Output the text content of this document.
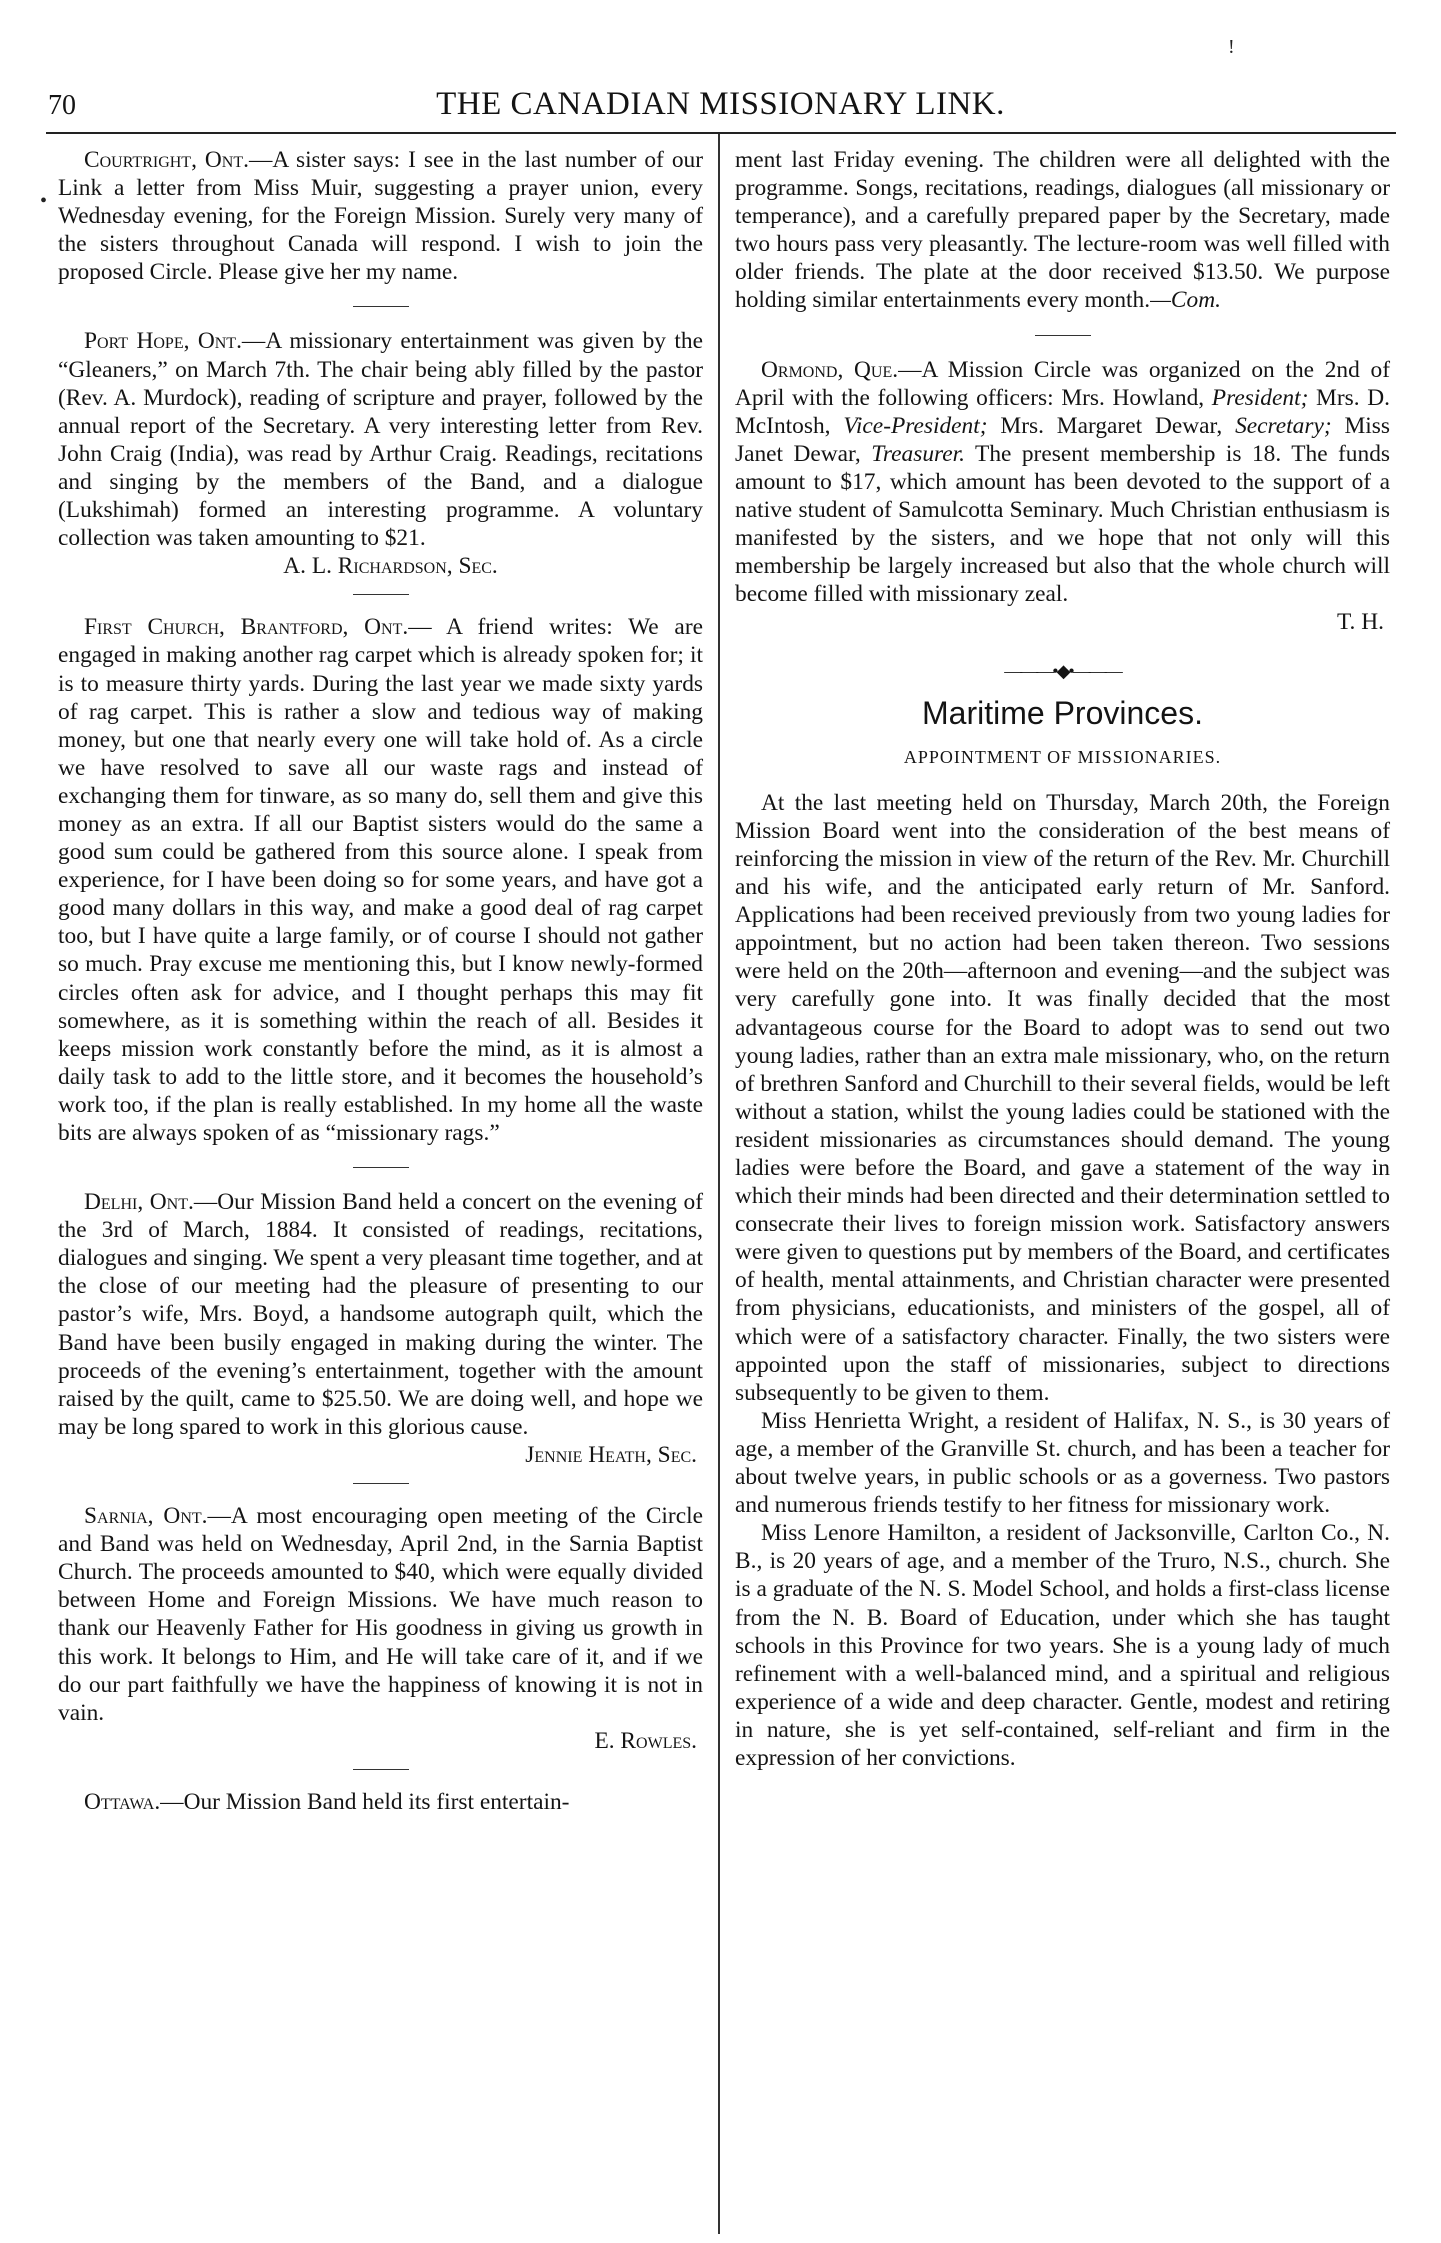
70	THE CANADIAN MISSIONARY LINK.
•
!

Courtright, Ont.—A sister says: I see in the last number of our Link a letter from Miss Muir, suggesting a prayer union, every Wednesday evening, for the Foreign Mission. Surely very many of the sisters throughout Canada will respond. I wish to join the proposed Circle. Please give her my name.

Port Hope, Ont.—A missionary entertainment was given by the “Gleaners,” on March 7th. The chair being ably filled by the pastor (Rev. A. Murdock), reading of scripture and prayer, followed by the annual report of the Secretary. A very interesting letter from Rev. John Craig (India), was read by Arthur Craig. Readings, recitations and singing by the members of the Band, and a dialogue (Lukshimah) formed an interesting programme. A voluntary collection was taken amounting to $21.

A. L. Richardson, Sec.

First Church, Brantford, Ont.— A friend writes: We are engaged in making another rag carpet which is already spoken for; it is to measure thirty yards. During the last year we made sixty yards of rag carpet. This is rather a slow and tedious way of making money, but one that nearly every one will take hold of. As a circle we have resolved to save all our waste rags and instead of exchanging them for tinware, as so many do, sell them and give this money as an extra. If all our Baptist sisters would do the same a good sum could be gathered from this source alone. I speak from experience, for I have been doing so for some years, and have got a good many dollars in this way, and make a good deal of rag carpet too, but I have quite a large family, or of course I should not gather so much. Pray excuse me mentioning this, but I know newly-formed circles often ask for advice, and I thought perhaps this may fit somewhere, as it is something within the reach of all. Besides it keeps mission work constantly before the mind, as it is almost a daily task to add to the little store, and it becomes the household’s work too, if the plan is really established. In my home all the waste bits are always spoken of as “missionary rags.”

Delhi, Ont.—Our Mission Band held a concert on the evening of the 3rd of March, 1884. It consisted of readings, recitations, dialogues and singing. We spent a very pleasant time together, and at the close of our meeting had the pleasure of presenting to our pastor’s wife, Mrs. Boyd, a handsome autograph quilt, which the Band have been busily engaged in making during the winter. The proceeds of the evening’s entertainment, together with the amount raised by the quilt, came to $25.50. We are doing well, and hope we may be long spared to work in this glorious cause.

Jennie Heath, Sec.

Sarnia, Ont.—A most encouraging open meeting of the Circle and Band was held on Wednesday, April 2nd, in the Sarnia Baptist Church. The proceeds amounted to $40, which were equally divided between Home and Foreign Missions. We have much reason to thank our Heavenly Father for His goodness in giving us growth in this work. It belongs to Him, and He will take care of it, and if we do our part faithfully we have the happiness of knowing it is not in vain.

E. Rowles.

Ottawa.—Our Mission Band held its first entertain-

ment last Friday evening. The children were all delighted with the programme. Songs, recitations, readings, dialogues (all missionary or temperance), and a carefully prepared paper by the Secretary, made two hours pass very pleasantly. The lecture-room was well filled with older friends. The plate at the door received $13.50. We purpose holding similar entertainments every month.—Com.

Ormond, Que.—A Mission Circle was organized on the 2nd of April with the following officers: Mrs. Howland, President; Mrs. D. McIntosh, Vice-President; Mrs. Margaret Dewar, Secretary; Miss Janet Dewar, Treasurer. The present membership is 18. The funds amount to $17, which amount has been devoted to the support of a native student of Samulcotta Seminary. Much Christian enthusiasm is manifested by the sisters, and we hope that not only will this membership be largely increased but also that the whole church will become filled with missionary zeal.

T. H.

———•◆•———
Maritime Provinces.
APPOINTMENT OF MISSIONARIES.

At the last meeting held on Thursday, March 20th, the Foreign Mission Board went into the consideration of the best means of reinforcing the mission in view of the return of the Rev. Mr. Churchill and his wife, and the anticipated early return of Mr. Sanford. Applications had been received previously from two young ladies for appointment, but no action had been taken thereon. Two sessions were held on the 20th—afternoon and evening—and the subject was very carefully gone into. It was finally decided that the most advantageous course for the Board to adopt was to send out two young ladies, rather than an extra male missionary, who, on the return of brethren Sanford and Churchill to their several fields, would be left without a station, whilst the young ladies could be stationed with the resident missionaries as circumstances should demand. The young ladies were before the Board, and gave a statement of the way in which their minds had been directed and their determination settled to consecrate their lives to foreign mission work. Satisfactory answers were given to questions put by members of the Board, and certificates of health, mental attainments, and Christian character were presented from physicians, educationists, and ministers of the gospel, all of which were of a satisfactory character. Finally, the two sisters were appointed upon the staff of missionaries, subject to directions subsequently to be given to them.

Miss Henrietta Wright, a resident of Halifax, N. S., is 30 years of age, a member of the Granville St. church, and has been a teacher for about twelve years, in public schools or as a governess. Two pastors and numerous friends testify to her fitness for missionary work.

Miss Lenore Hamilton, a resident of Jacksonville, Carlton Co., N. B., is 20 years of age, and a member of the Truro, N.S., church. She is a graduate of the N. S. Model School, and holds a first-class license from the N. B. Board of Education, under which she has taught schools in this Province for two years. She is a young lady of much refinement with a well-balanced mind, and a spiritual and religious experience of a wide and deep character. Gentle, modest and retiring in nature, she is yet self-contained, self-reliant and firm in the expression of her convictions.
